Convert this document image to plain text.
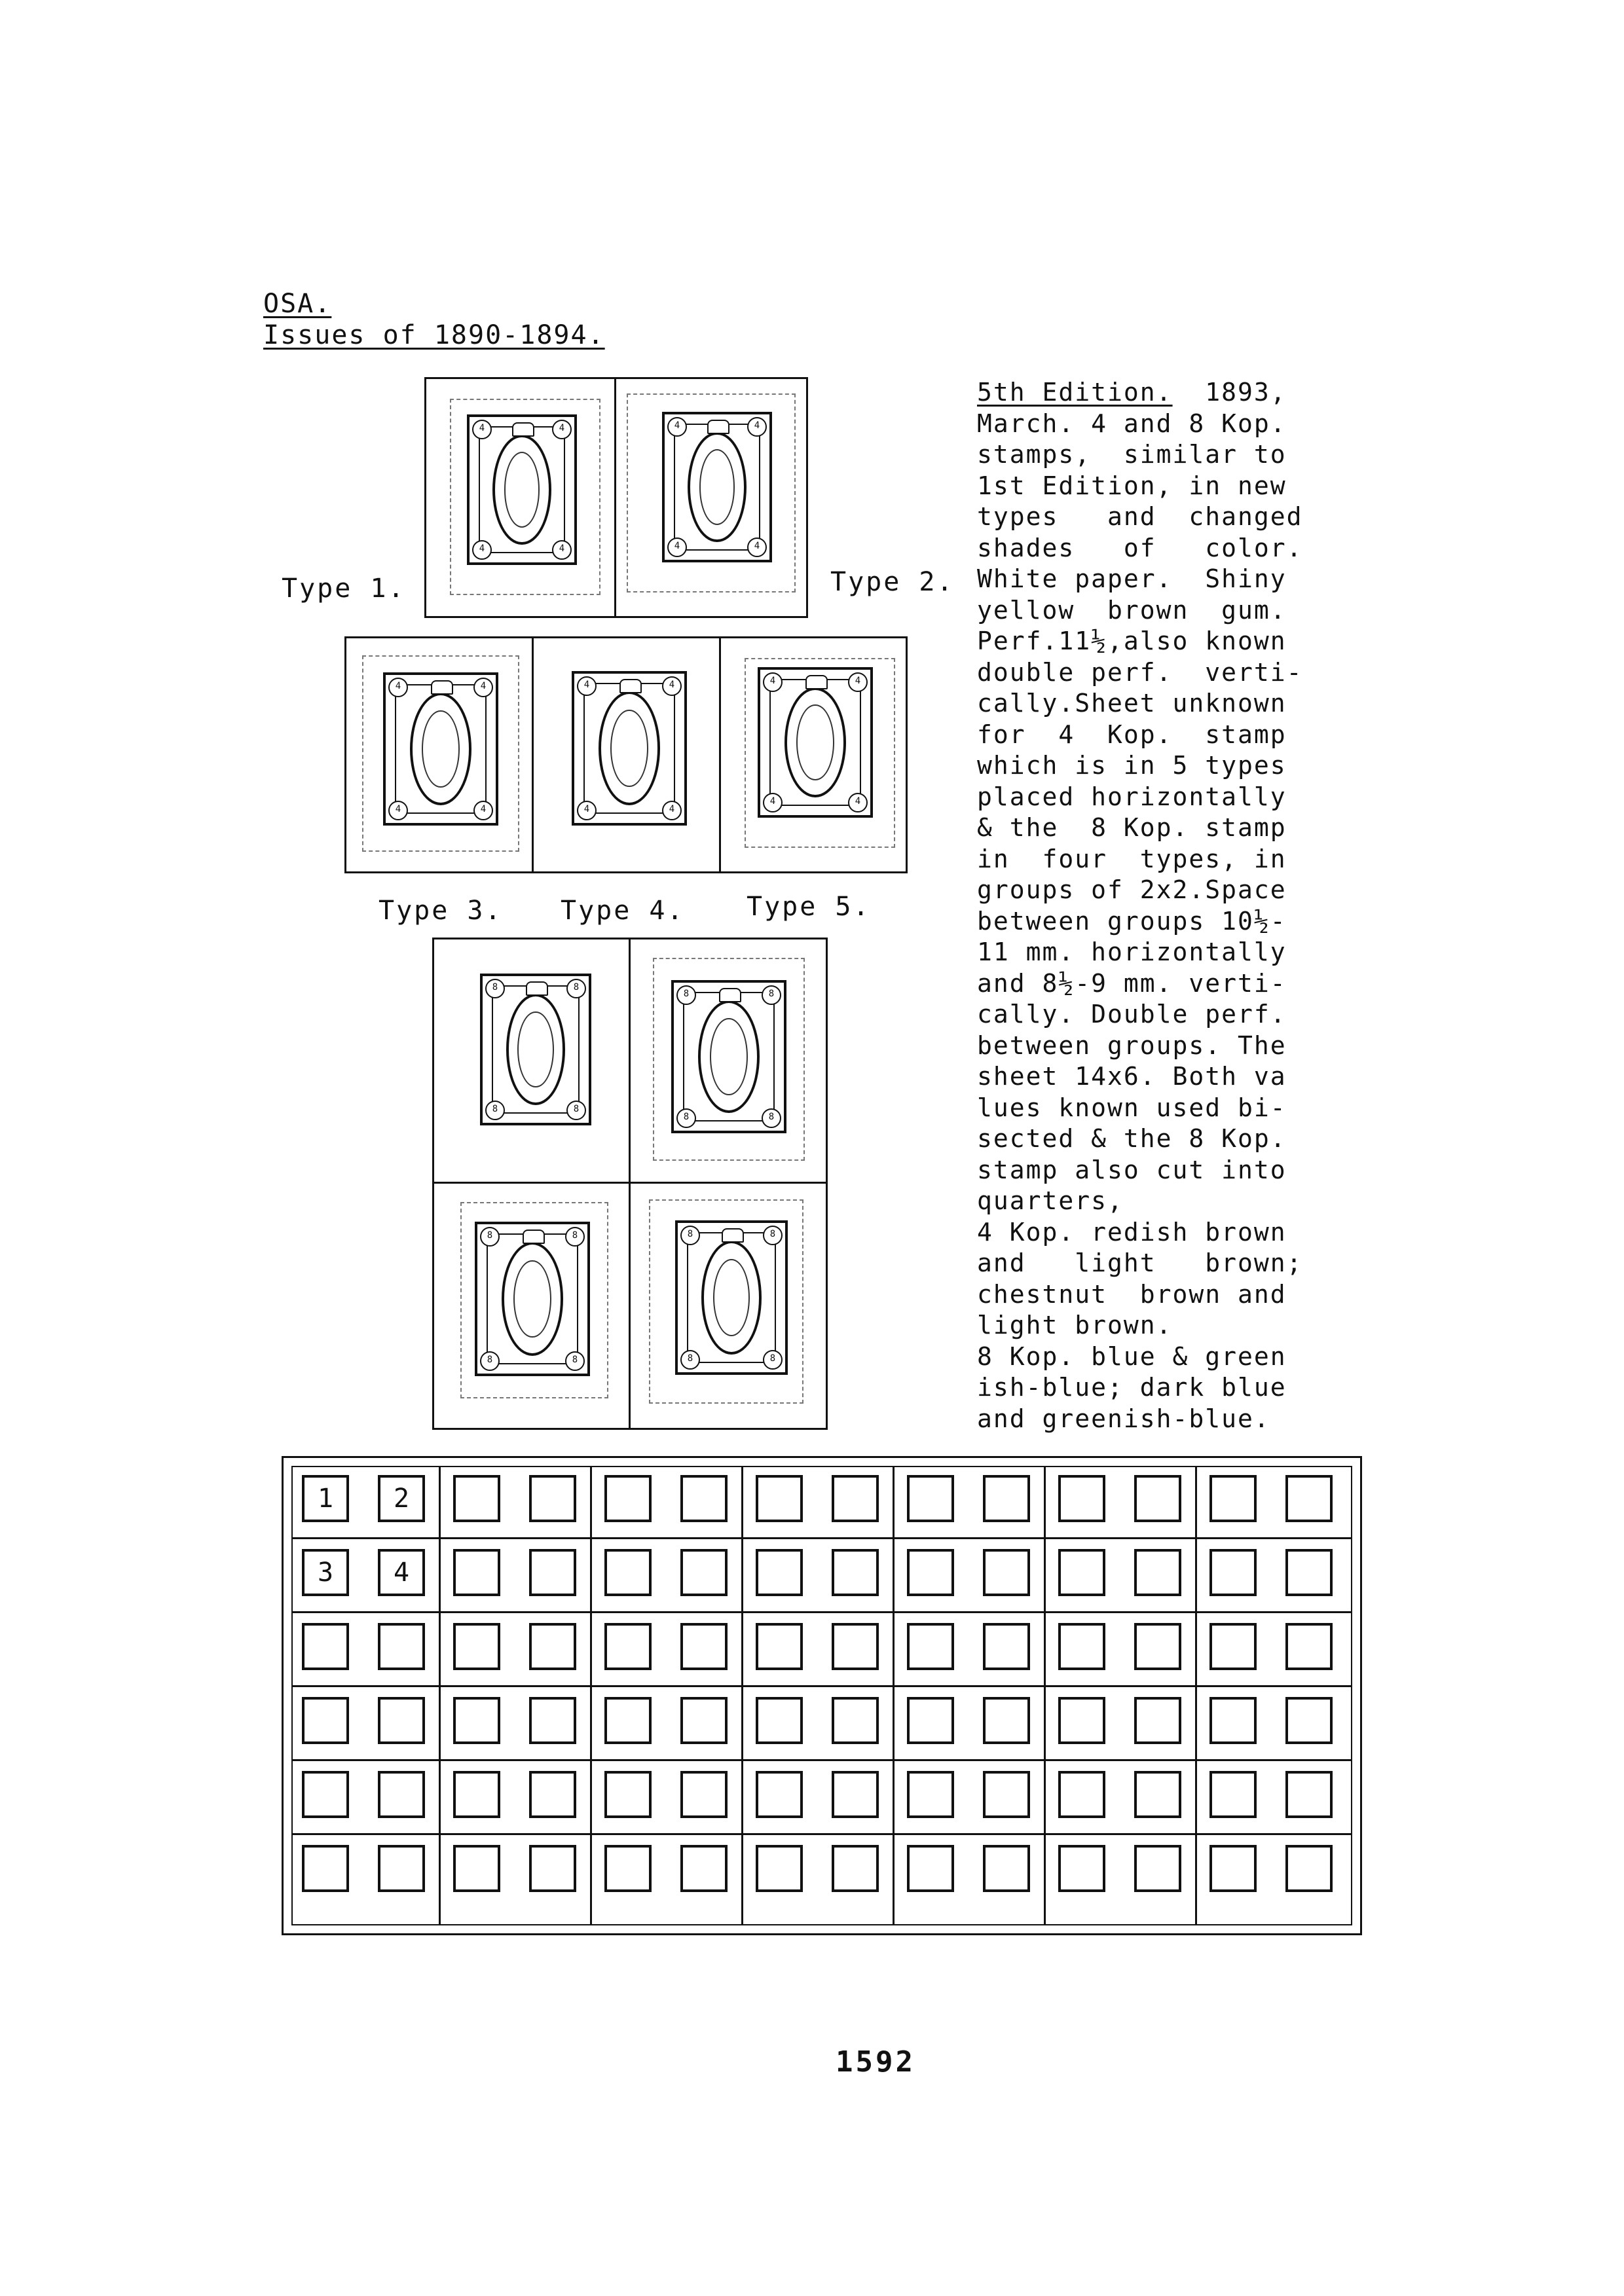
OSA.
Issues of 1890-1894.
4	4
4	4
4	4
4	4
Type 1.	Type 2.
4	4
4	4
4	4
4	4
4	4
4	4
Type 3. Type 4. Type 5.
8	8
8	8
8	8
8	8
8	8
8	8
8	8
8	8
5th Edition.  1893,
March. 4 and 8 Kop.
stamps,  similar to
1st Edition, in new
types   and  changed
shades   of   color.
White paper.  Shiny
yellow  brown  gum.
Perf.11½,also known
double perf.  verti-
cally.Sheet unknown
for  4  Kop.  stamp
which is in 5 types
placed horizontally
& the  8 Kop. stamp
in  four  types, in
groups of 2x2.Space
between groups 10½-
11 mm. horizontally
and 8½-9 mm. verti-
cally. Double perf.
between groups. The
sheet 14x6. Both va
lues known used bi-
sected & the 8 Kop.
stamp also cut into
quarters,
4 Kop. redish brown
and   light   brown;
chestnut  brown and
light brown.
8 Kop. blue & green
ish-blue; dark blue
and greenish-blue.
1	2
3	4
1592
